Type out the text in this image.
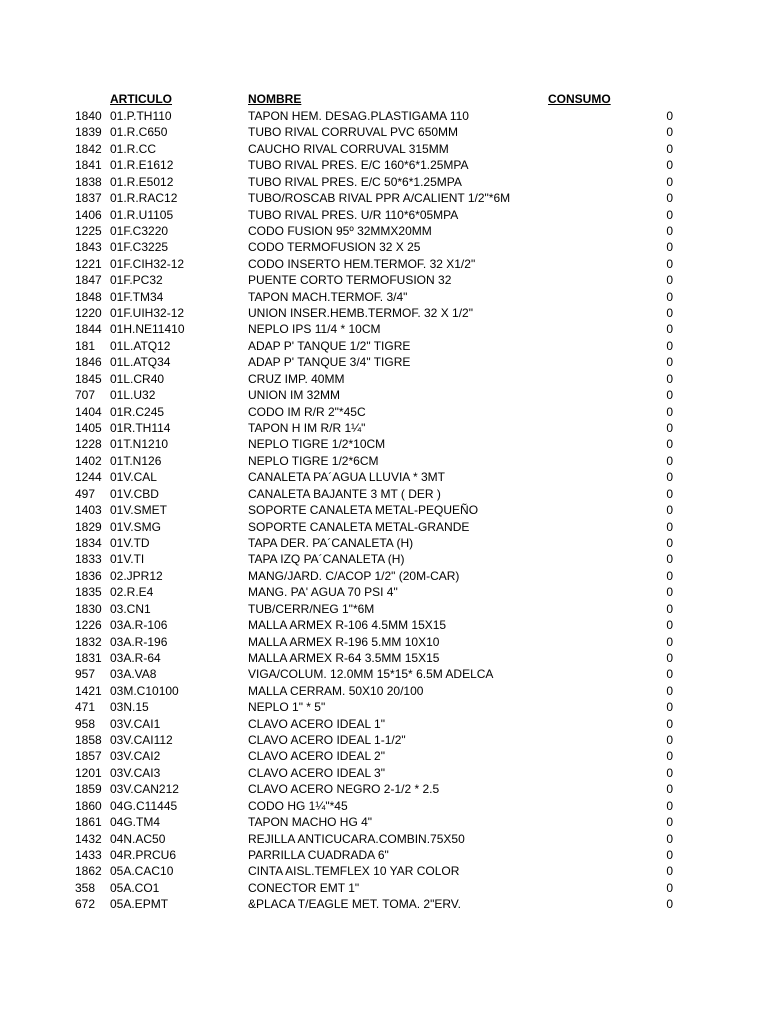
ARTICULO	NOMBRE	CONSUMO
1840 01.P.TH110	TAPON HEM. DESAG.PLASTIGAMA 110	0
1839 01.R.C650	TUBO RIVAL CORRUVAL PVC 650MM	0
1842 01.R.CC	CAUCHO RIVAL CORRUVAL 315MM	0
1841 01.R.E1612	TUBO RIVAL PRES. E/C 160*6*1.25MPA	0
1838 01.R.E5012	TUBO RIVAL PRES. E/C 50*6*1.25MPA	0
1837 01.R.RAC12	TUBO/ROSCAB RIVAL PPR A/CALIENT 1/2"*6M	0
1406 01.R.U1105	TUBO RIVAL PRES. U/R 110*6*05MPA	0
1225 01F.C3220	CODO FUSION 95º 32MMX20MM	0
1843 01F.C3225	CODO TERMOFUSION 32 X 25	0
1221 01F.CIH32-12	CODO INSERTO HEM.TERMOF. 32 X1/2"	0
1847 01F.PC32	PUENTE CORTO TERMOFUSION 32	0
1848 01F.TM34	TAPON MACH.TERMOF. 3/4"	0
1220 01F.UIH32-12	UNION INSER.HEMB.TERMOF. 32 X 1/2"	0
1844 01H.NE11410	NEPLO IPS 11/4 * 10CM	0
181 01L.ATQ12	ADAP P' TANQUE 1/2" TIGRE	0
1846 01L.ATQ34	ADAP P' TANQUE 3/4" TIGRE	0
1845 01L.CR40	CRUZ IMP. 40MM	0
707 01L.U32	UNION IM 32MM	0
1404 01R.C245	CODO IM R/R 2"*45C	0
1405 01R.TH114	TAPON H IM R/R 1¼"	0
1228 01T.N1210	NEPLO TIGRE 1/2*10CM	0
1402 01T.N126	NEPLO TIGRE 1/2*6CM	0
1244 01V.CAL	CANALETA PA´AGUA LLUVIA * 3MT	0
497 01V.CBD	CANALETA BAJANTE 3 MT ( DER )	0
1403 01V.SMET	SOPORTE CANALETA METAL-PEQUEÑO	0
1829 01V.SMG	SOPORTE CANALETA METAL-GRANDE	0
1834 01V.TD	TAPA DER. PA´CANALETA (H)	0
1833 01V.TI	TAPA IZQ PA´CANALETA (H)	0
1836 02.JPR12	MANG/JARD. C/ACOP 1/2" (20M-CAR)	0
1835 02.R.E4	MANG. PA' AGUA 70 PSI 4"	0
1830 03.CN1	TUB/CERR/NEG 1"*6M	0
1226 03A.R-106	MALLA ARMEX R-106 4.5MM 15X15	0
1832 03A.R-196	MALLA ARMEX R-196 5.MM 10X10	0
1831 03A.R-64	MALLA ARMEX R-64 3.5MM 15X15	0
957 03A.VA8	VIGA/COLUM. 12.0MM 15*15* 6.5M ADELCA	0
1421 03M.C10100	MALLA CERRAM. 50X10 20/100	0
471 03N.15	NEPLO 1" * 5"	0
958 03V.CAI1	CLAVO ACERO IDEAL 1"	0
1858 03V.CAI112	CLAVO ACERO IDEAL 1-1/2"	0
1857 03V.CAI2	CLAVO ACERO IDEAL 2"	0
1201 03V.CAI3	CLAVO ACERO IDEAL 3"	0
1859 03V.CAN212	CLAVO ACERO NEGRO 2-1/2 * 2.5	0
1860 04G.C11445	CODO HG 1¼"*45	0
1861 04G.TM4	TAPON MACHO HG 4"	0
1432 04N.AC50	REJILLA ANTICUCARA.COMBIN.75X50	0
1433 04R.PRCU6	PARRILLA CUADRADA 6"	0
1862 05A.CAC10	CINTA AISL.TEMFLEX 10 YAR COLOR	0
358 05A.CO1	CONECTOR EMT 1"	0
672 05A.EPMT	&PLACA T/EAGLE MET. TOMA. 2"ERV.	0
